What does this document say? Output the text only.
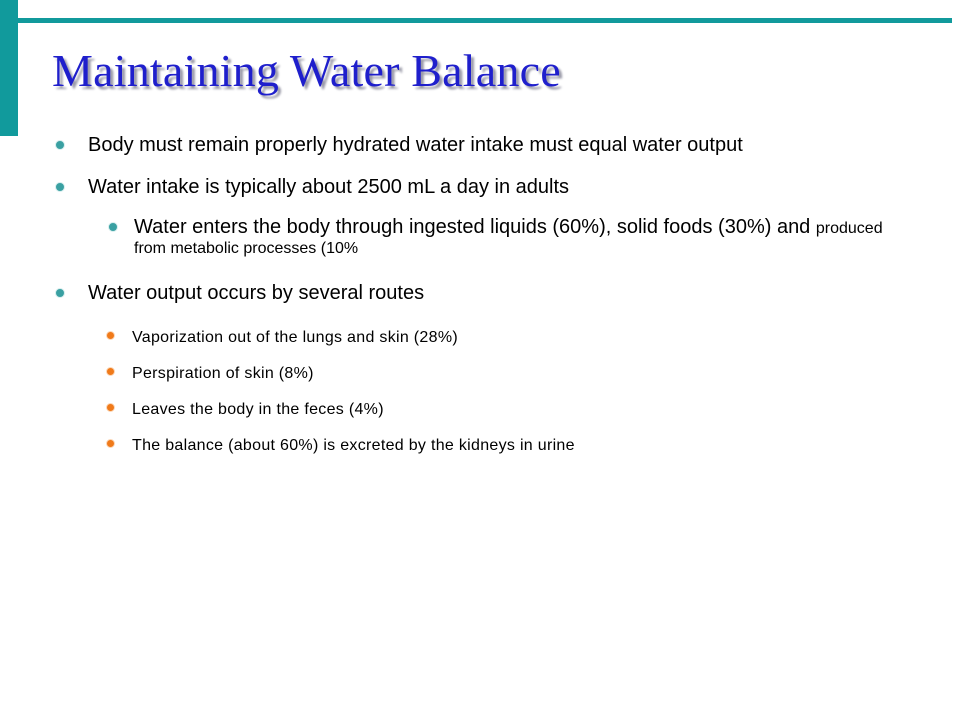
Maintaining Water Balance
Body must remain properly hydrated water intake must equal water output
Water intake is typically about 2500 mL a day in adults
Water enters the body through ingested liquids (60%), solid foods (30%) and produced from metabolic processes (10%
Water output occurs by several routes
Vaporization out of the lungs and skin (28%)
Perspiration of skin (8%)
Leaves the body in the feces (4%)
The balance (about 60%) is excreted by the kidneys in urine
